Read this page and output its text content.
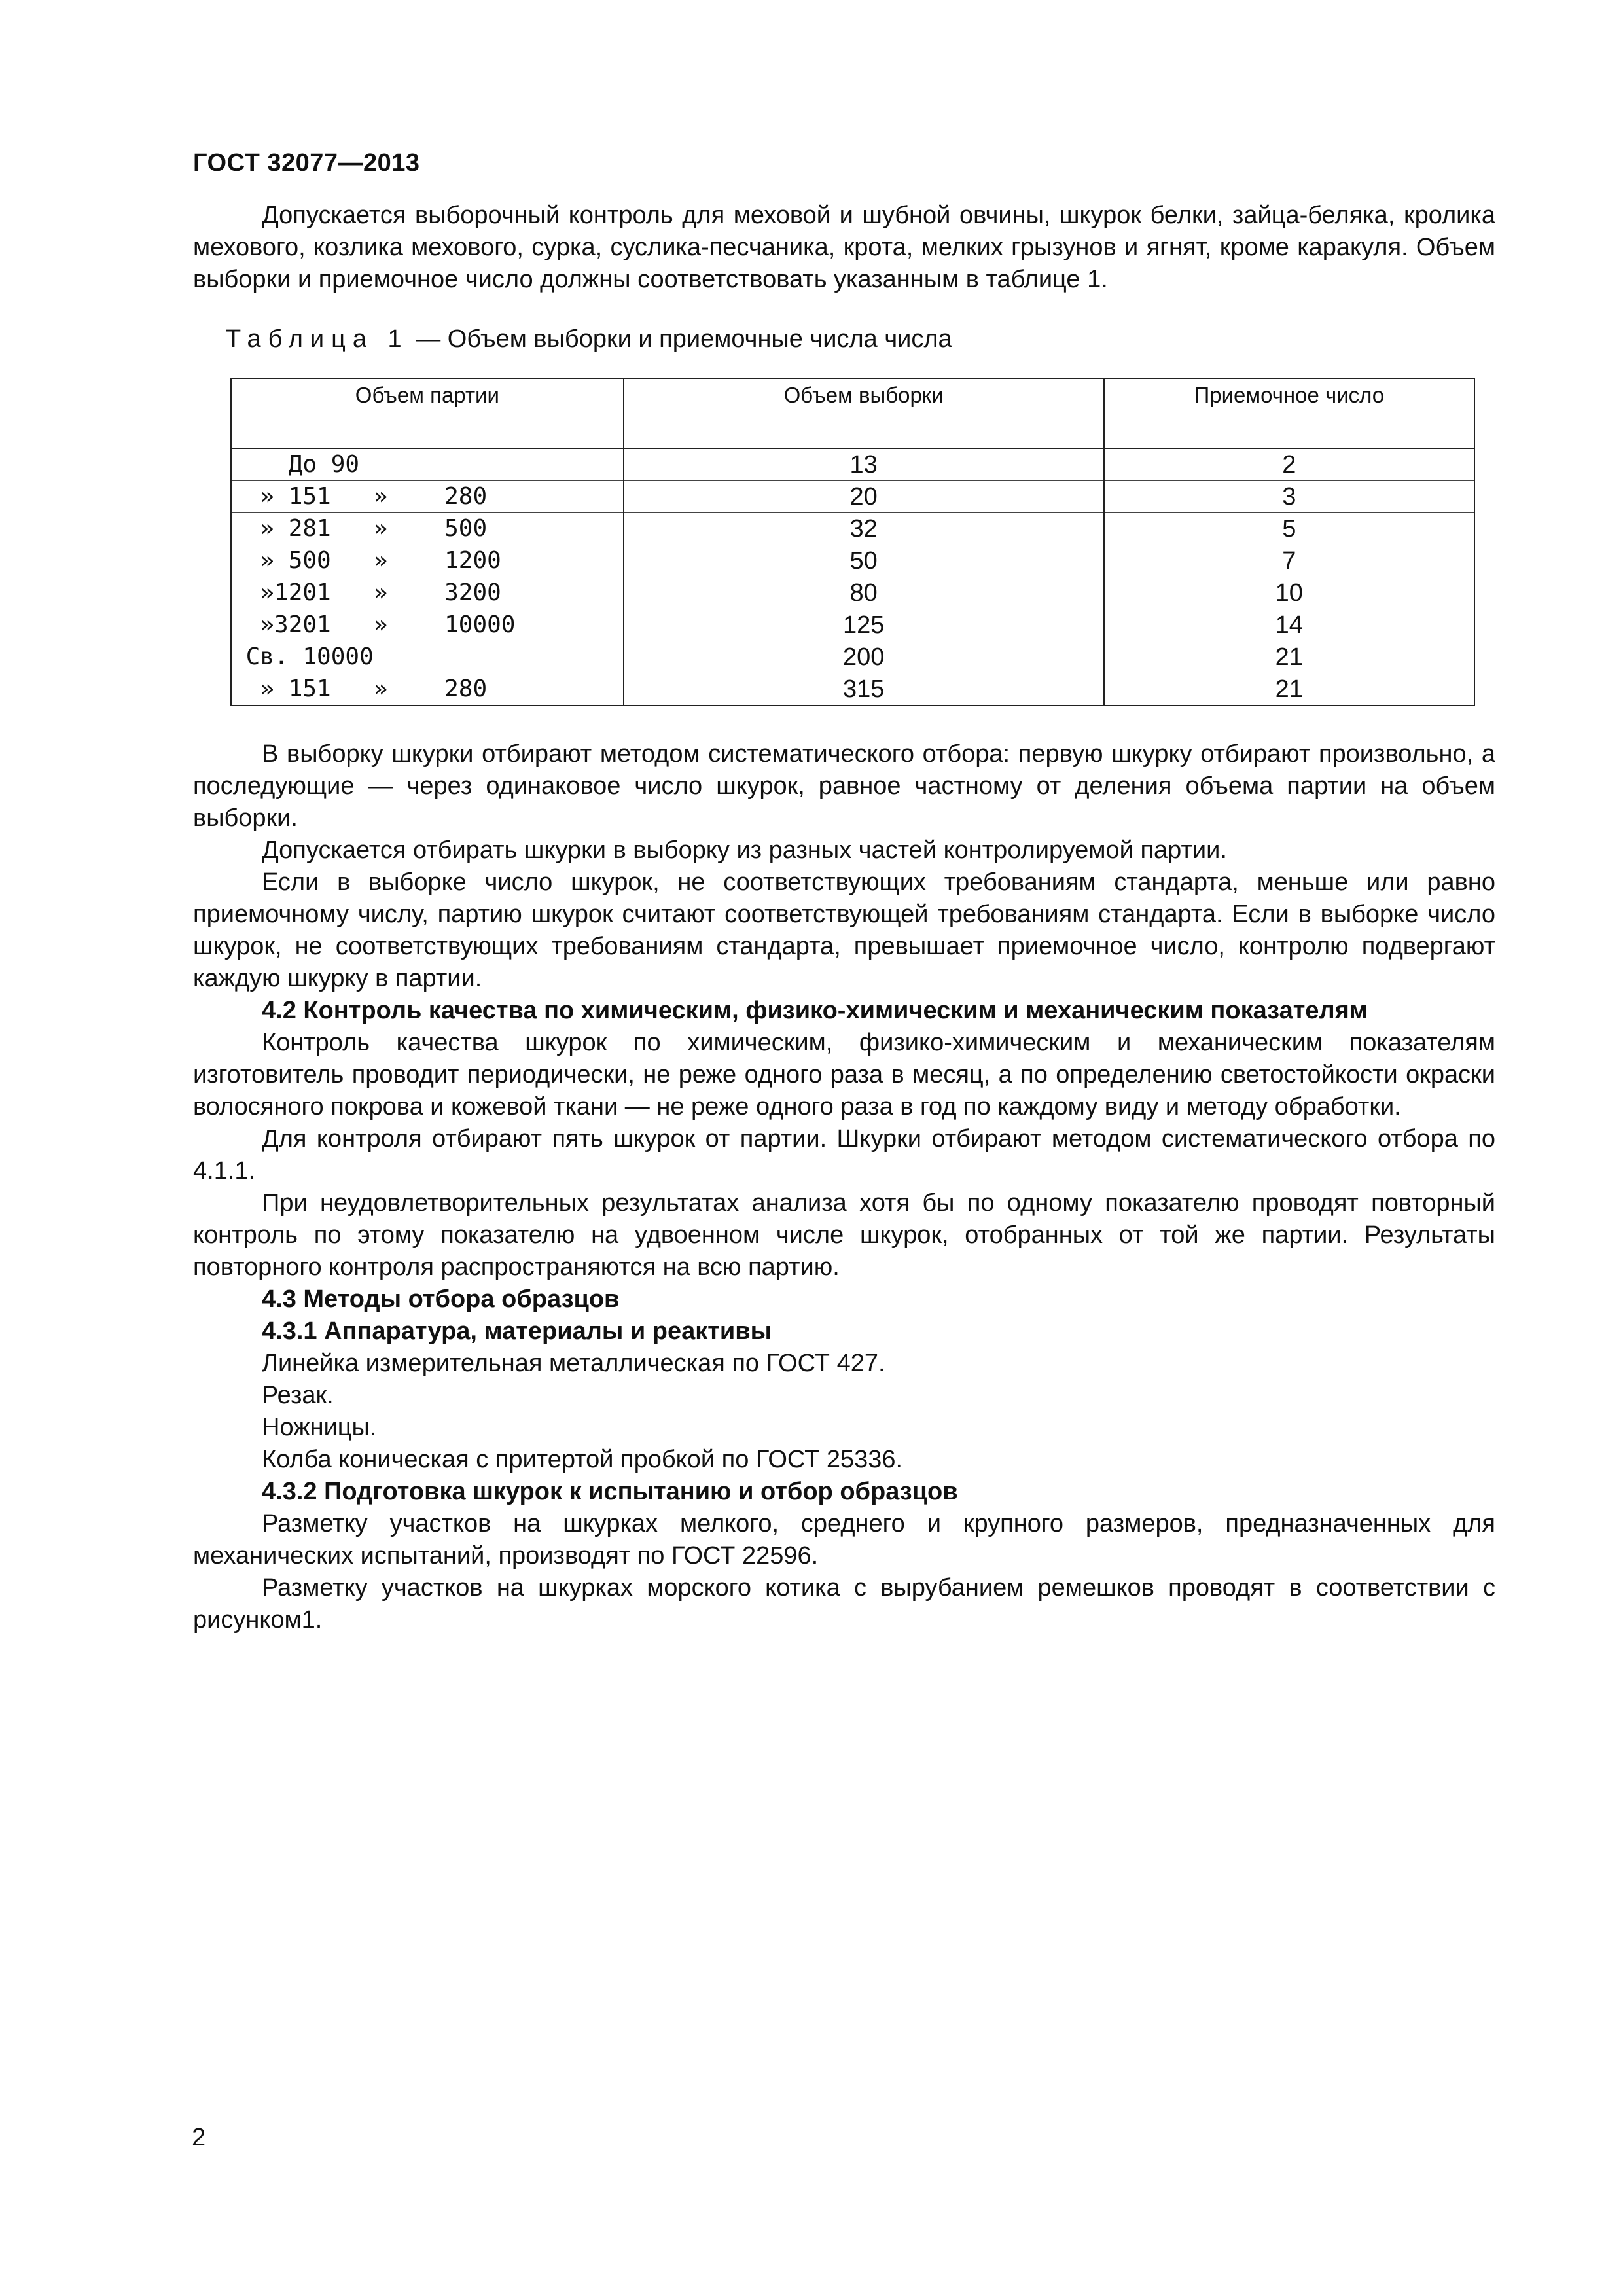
ГОСТ 32077—2013

Допускается выборочный контроль для меховой и шубной овчины, шкурок белки, зайца-беляка, кролика мехового, козлика мехового, сурка, суслика-песчаника, крота, мелких грызунов и ягнят, кроме каракуля. Объем выборки и приемочное число должны соответствовать указанным в таблице 1.

Таблица 1 — Объем выборки и приемочные числа числа
Объем партии	Объем выборки	Приемочное число
До 90	13	2
» 151   »    280	20	3
» 281   »    500	32	5
» 500   »    1200	50	7
»1201   »    3200	80	10
»3201   »    10000	125	14
Св. 10000	200	21
» 151   »    280	315	21

В выборку шкурки отбирают методом систематического отбора: первую шкурку отбирают произвольно, а последующие — через одинаковое число шкурок, равное частному от деления объема партии на объем выборки.

Допускается отбирать шкурки в выборку из разных частей контролируемой партии.

Если в выборке число шкурок, не соответствующих требованиям стандарта, меньше или равно приемочному числу, партию шкурок считают соответствующей требованиям стандарта. Если в выборке число шкурок, не соответствующих требованиям стандарта, превышает приемочное число, контролю подвергают каждую шкурку в партии.

4.2 Контроль качества по химическим, физико-химическим и механическим показателям

Контроль качества шкурок по химическим, физико-химическим и механическим показателям изготовитель проводит периодически, не реже одного раза в месяц, а по определению светостойкости окраски волосяного покрова и кожевой ткани — не реже одного раза в год по каждому виду и методу обработки.

Для контроля отбирают пять шкурок от партии. Шкурки отбирают методом систематического отбора по 4.1.1.

При неудовлетворительных результатах анализа хотя бы по одному показателю проводят повторный контроль по этому показателю на удвоенном числе шкурок, отобранных от той же партии. Результаты повторного контроля распространяются на всю партию.

4.3 Методы отбора образцов

4.3.1 Аппаратура, материалы и реактивы

Линейка измерительная металлическая по ГОСТ 427.

Резак.

Ножницы.

Колба коническая с притертой пробкой по ГОСТ 25336.

4.3.2 Подготовка шкурок к испытанию и отбор образцов

Разметку участков на шкурках мелкого, среднего и крупного размеров, предназначенных для механических испытаний, производят по ГОСТ 22596.

Разметку участков на шкурках морского котика с вырубанием ремешков проводят в соответствии с рисунком1.

2
